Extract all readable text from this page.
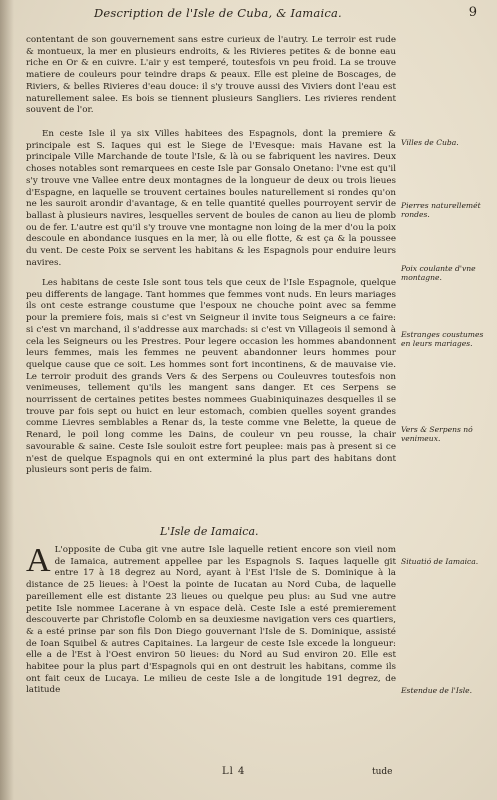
Description de l'Isle de Cuba, & Iamaica.	9

contentant de son gouvernement sans estre curieux de l'autry. Le terroir est rude & montueux, la mer en plusieurs endroits, & les Rivieres petites & de bonne eau riche en Or & en cuivre. L'air y est temperé, toutesfois vn peu froid. La se trouve matiere de couleurs pour teindre draps & peaux. Elle est pleine de Boscages, de Riviers, & belles Rivieres d'eau douce: il s'y trouve aussi des Viviers dont l'eau est naturellement salee. Es bois se tiennent plusieurs Sangliers. Les rivieres rendent souvent de l'or.

En ceste Isle il ya six Villes habitees des Espagnols, dont la premiere & principale est S. Iaques qui est le Siege de l'Evesque: mais Havane est la principale Ville Marchande de toute l'Isle, & là ou se fabriquent les navires. Deux choses notables sont remarquees en ceste Isle par Gonsalo Onetano: l'vne est qu'il s'y trouve vne Vallee entre deux montagnes de la longueur de deux ou trois lieues d'Espagne, en laquelle se trouvent certaines boules naturellement si rondes qu'on ne les sauroit arondir d'avantage, & en telle quantité quelles pourroyent servir de ballast à plusieurs navires, lesquelles servent de boules de canon au lieu de plomb ou de fer. L'autre est qu'il s'y trouve vne montagne non loing de la mer d'ou la poix descoule en abondance iusques en la mer, là ou elle flotte, & est ça & la poussee du vent. De ceste Poix se servent les habitans & les Espagnols pour enduire leurs navires.

Les habitans de ceste Isle sont tous tels que ceux de l'Isle Espagnole, quelque peu differents de langage. Tant hommes que femmes vont nuds. En leurs mariages ils ont ceste estrange coustume que l'espoux ne chouche point avec sa femme pour la premiere fois, mais si c'est vn Seigneur il invite tous Seigneurs a ce faire: si c'est vn marchand, il s'addresse aux marchads: si c'est vn Villageois il semond à cela les Seigneurs ou les Prestres. Pour legere occasion les hommes abandonnent leurs femmes, mais les femmes ne peuvent abandonner leurs hommes pour quelque cause que ce soit. Les hommes sont fort incontinens, & de mauvaise vie. Le terroir produit des grands Vers & des Serpens ou Couleuvres toutesfois non venimeuses, tellement qu'ils les mangent sans danger. Et ces Serpens se nourrissent de certaines petites bestes nommees Guabiniquinazes desquelles il se trouve par fois sept ou huict en leur estomach, combien quelles soyent grandes comme Lievres semblables a Renar ds, la teste comme vne Belette, la queue de Renard, le poil long comme les Dains, de couleur vn peu rousse, la chair savourable & saine. Ceste Isle souloit estre fort peuplee: mais pas à present si ce n'est de quelque Espagnols qui en ont exterminé la plus part des habitans dont plusieurs sont peris de faim.

L'Isle de Iamaica.
A L'opposite de Cuba git vne autre Isle laquelle retient encore son vieil nom de Iamaica, autrement appellee par les Espagnols S. Iaques laquelle git entre 17 à 18 degrez au Nord, ayant à l'Est l'Isle de S. Dominique à la distance de 25 lieues: à l'Oest la pointe de Iucatan au Nord Cuba, de laquelle pareillement elle est distante 23 lieues ou quelque peu plus: au Sud vne autre petite Isle nommee Lacerane à vn espace delà. Ceste Isle a esté premierement descouverte par Christofle Colomb en sa deuxiesme navigation vers ces quartiers, & a esté prinse par son fils Don Diego gouvernant l'Isle de S. Dominique, assisté de Ioan Squibel & autres Capitaines. La largeur de ceste Isle excede la longueur: elle a de l'Est à l'Oest environ 50 lieues: du Nord au Sud environ 20. Elle est habitee pour la plus part d'Espagnols qui en ont destruit les habitans, comme ils ont fait ceux de Lucaya. Le milieu de ceste Isle a de longitude 191 degrez, de latitude

Villes de Cuba.
Pierres naturellemét rondes.
Poix coulante d'vne montagne.
Estranges coustumes en leurs mariages.
Vers & Serpens nó venimeux.
Situatió de Iamaica.
Estendue de l'Isle.
Ll 4	tude
